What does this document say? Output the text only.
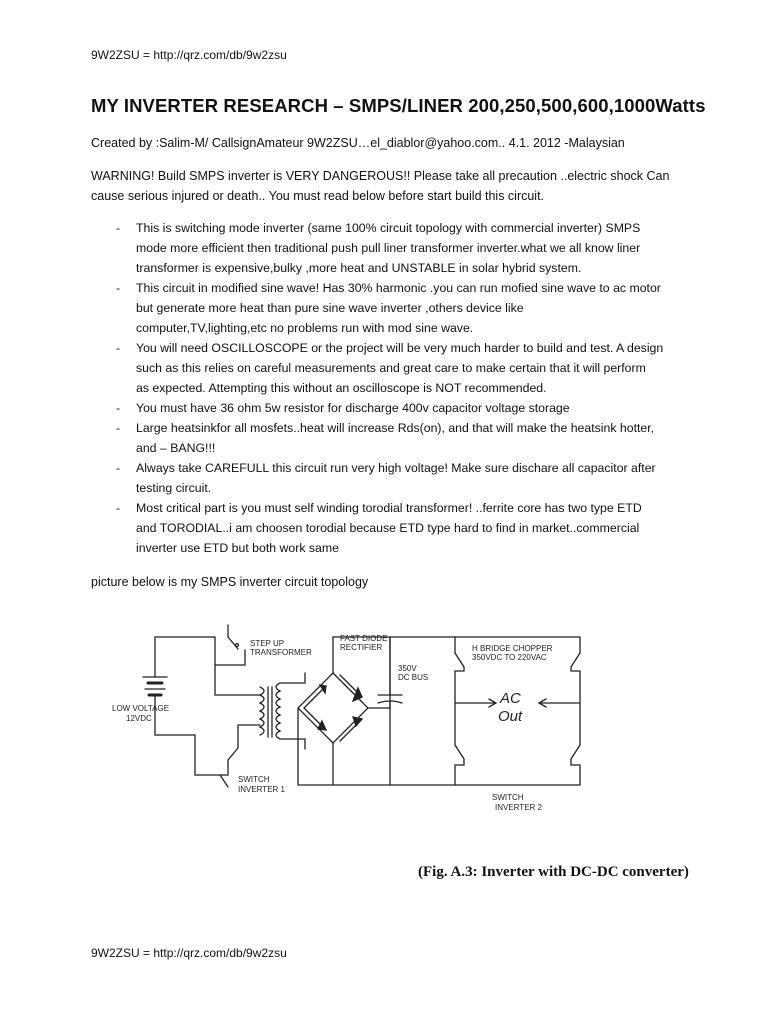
9W2ZSU = http://qrz.com/db/9w2zsu
MY INVERTER RESEARCH – SMPS/LINER 200,250,500,600,1000Watts
Created by :Salim-M/ CallsignAmateur 9W2ZSU…el_diablor@yahoo.com.. 4.1. 2012 -Malaysian
WARNING! Build SMPS inverter is VERY DANGEROUS!! Please take all precaution ..electric shock Can
cause serious injured or death.. You must read below before start build this circuit.
- This is switching mode inverter (same 100% circuit topology with commercial inverter) SMPS
mode more efficient then traditional push pull liner transformer inverter.what we all know liner
transformer is expensive,bulky ,more heat and UNSTABLE in solar hybrid system.
- This circuit in modified sine wave! Has 30% harmonic .you can run mofied sine wave to ac motor
but generate more heat than pure sine wave inverter ,others device like
computer,TV,lighting,etc no problems run with mod sine wave.
- You will need OSCILLOSCOPE or the project will be very much harder to build and test. A design
such as this relies on careful measurements and great care to make certain that it will perform
as expected. Attempting this without an oscilloscope is NOT recommended.
- You must have 36 ohm 5w resistor for discharge 400v capacitor voltage storage
- Large heatsinkfor all mosfets..heat will increase Rds(on), and that will make the heatsink hotter,
and – BANG!!!
- Always take CAREFULL this circuit run very high voltage! Make sure dischare all capacitor after
testing circuit.
- Most critical part is you must self winding torodial transformer! ..ferrite core has two type ETD
and TORODIAL..i am choosen torodial because ETD type hard to find in market..commercial
inverter use ETD but both work same
picture below is my SMPS inverter circuit topology
LOW VOLTAGE
12VDC
STEP UP
TRANSFORMER
FAST DIODE
RECTIFIER
350V
DC BUS
H BRIDGE CHOPPER
350VDC TO 220VAC
AC
Out
SWITCH
INVERTER 1
SWITCH
INVERTER 2
(Fig. A.3: Inverter with DC-DC converter)
9W2ZSU = http://qrz.com/db/9w2zsu
